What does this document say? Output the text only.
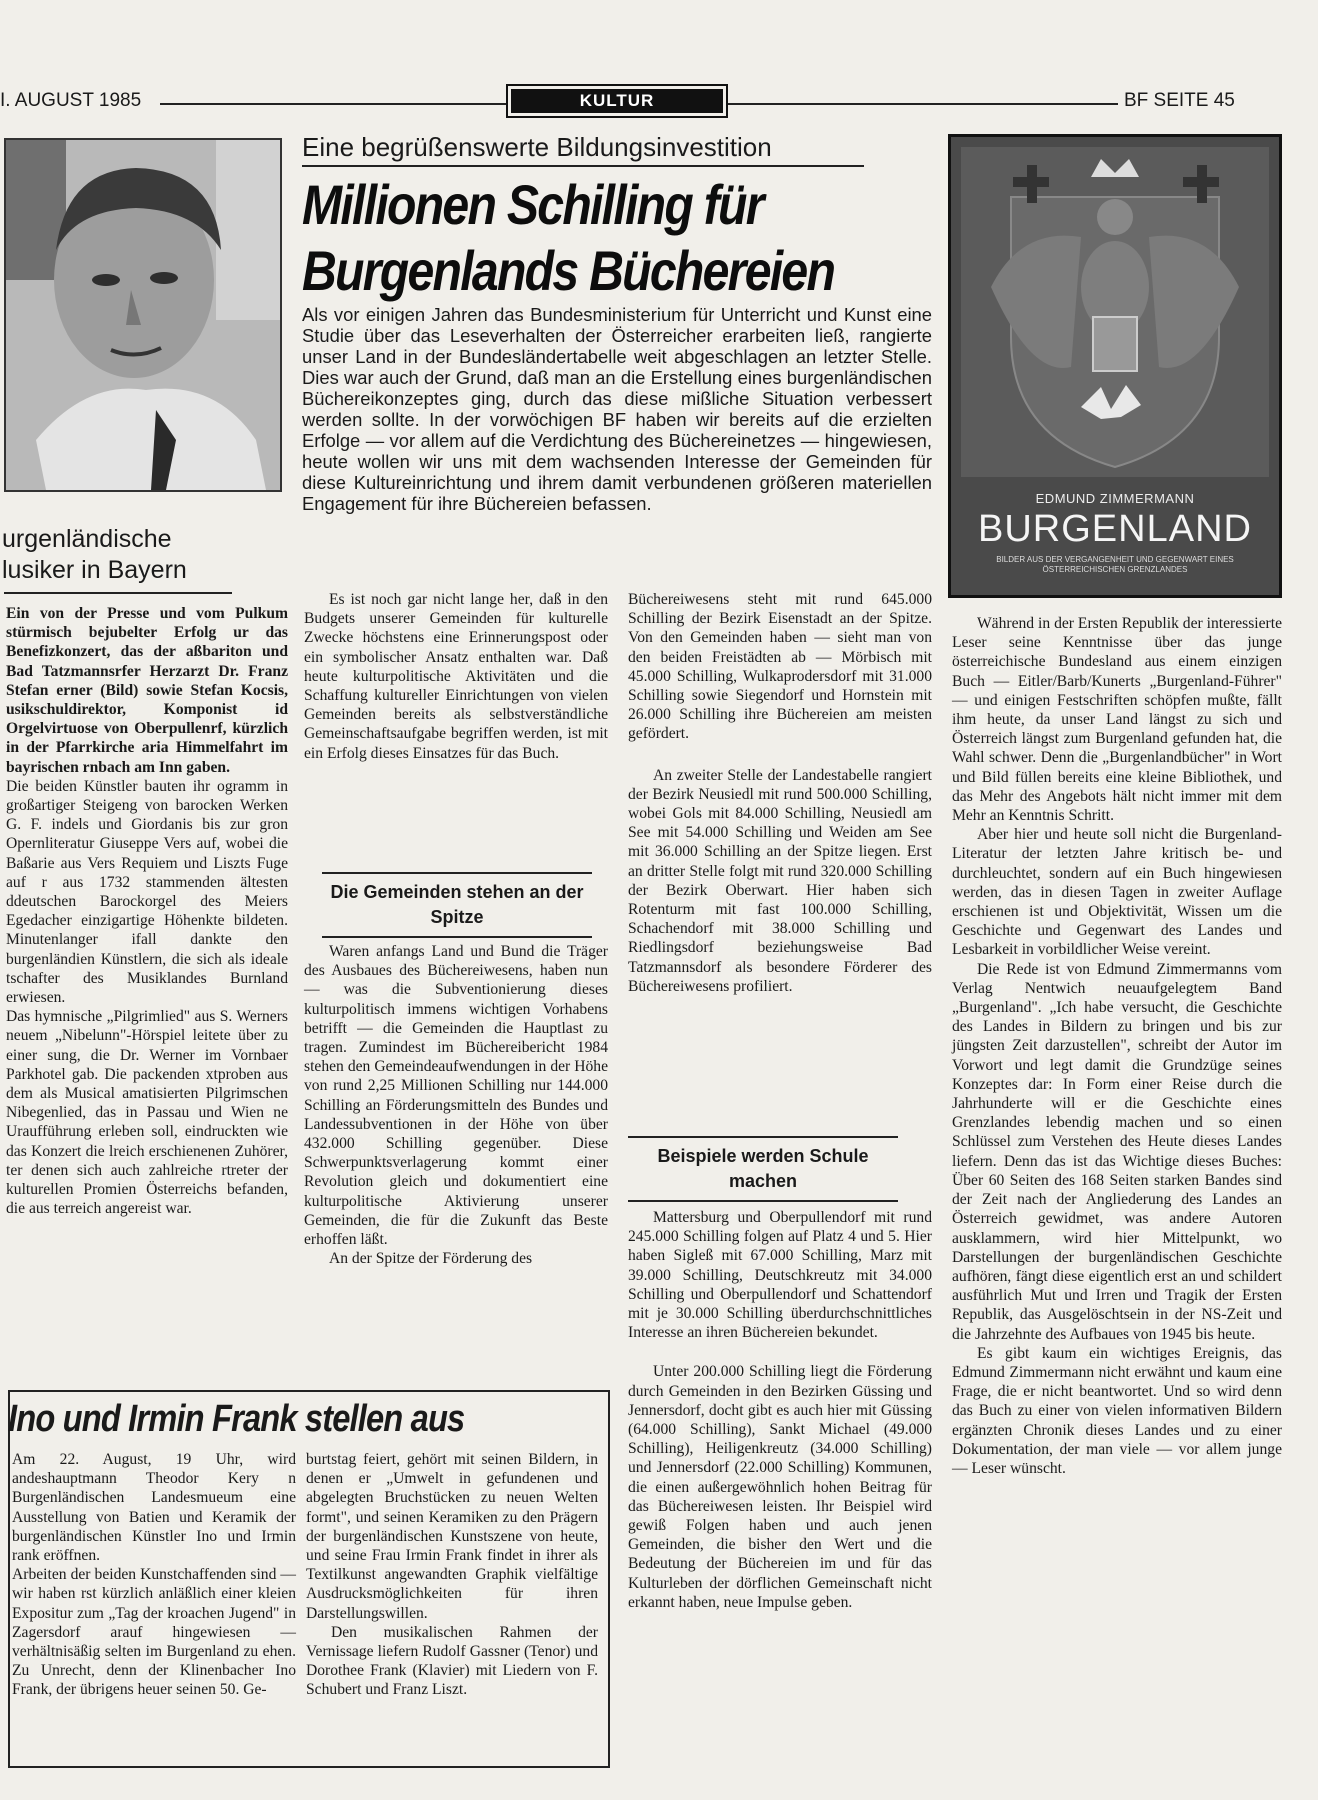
I. AUGUST 1985	KULTUR	BF SEITE 45
Eine begrüßenswerte Bildungsinvestition
Millionen Schilling für
Burgenlands Büchereien
Als vor einigen Jahren das Bundesministerium für Unterricht und Kunst eine Studie über das Leseverhalten der Österreicher erarbeiten ließ, rangierte unser Land in der Bundesländertabelle weit abgeschlagen an letzter Stelle. Dies war auch der Grund, daß man an die Erstellung eines burgenländischen Büchereikonzeptes ging, durch das diese mißliche Situation verbessert werden sollte. In der vorwöchigen BF haben wir bereits auf die erzielten Erfolge — vor allem auf die Verdichtung des Büchereinetzes — hingewiesen, heute wollen wir uns mit dem wachsenden Interesse der Gemeinden für diese Kultureinrichtung und ihrem damit verbundenen größeren materiellen Engagement für ihre Büchereien befassen.
urgenländische
lusiker in Bayern

Ein von der Presse und vom Pulkum stürmisch bejubelter Erfolg ur das Benefizkonzert, das der aßbariton und Bad Tatzmannsrfer Herzarzt Dr. Franz Stefan erner (Bild) sowie Stefan Kocsis, usikschuldirektor, Komponist id Orgelvirtuose von Oberpullenrf, kürzlich in der Pfarrkirche aria Himmelfahrt im bayrischen rnbach am Inn gaben.

Die beiden Künstler bauten ihr ogramm in großartiger Steigeng von barocken Werken G. F. indels und Giordanis bis zur gron Opernliteratur Giuseppe Vers auf, wobei die Baßarie aus Vers Requiem und Liszts Fuge auf r aus 1732 stammenden ältesten ddeutschen Barockorgel des Meiers Egedacher einzigartige Höhenkte bildeten. Minutenlanger ifall dankte den burgenländien Künstlern, die sich als ideale tschafter des Musiklandes Burnland erwiesen.

Das hymnische „Pilgrimlied" aus S. Werners neuem „Nibelunn"-Hörspiel leitete über zu einer sung, die Dr. Werner im Vornbaer Parkhotel gab. Die packenden xtproben aus dem als Musical amatisierten Pilgrimschen Nibegenlied, das in Passau und Wien ne Uraufführung erleben soll, eindruckten wie das Konzert die lreich erschienenen Zuhörer, ter denen sich auch zahlreiche rtreter der kulturellen Promien Österreichs befanden, die aus terreich angereist war.

Es ist noch gar nicht lange her, daß in den Budgets unserer Gemeinden für kulturelle Zwecke höchstens eine Erinnerungspost oder ein symbolischer Ansatz enthalten war. Daß heute kulturpolitische Aktivitäten und die Schaffung kultureller Einrichtungen von vielen Gemeinden bereits als selbstverständliche Gemeinschaftsaufgabe begriffen werden, ist mit ein Erfolg dieses Einsatzes für das Buch.

Die Gemeinden stehen an der Spitze

Waren anfangs Land und Bund die Träger des Ausbaues des Büchereiwesens, haben nun — was die Subventionierung dieses kulturpolitisch immens wichtigen Vorhabens betrifft — die Gemeinden die Hauptlast zu tragen. Zumindest im Büchereibericht 1984 stehen den Gemeindeaufwendungen in der Höhe von rund 2,25 Millionen Schilling nur 144.000 Schilling an Förderungsmitteln des Bundes und Landessubventionen in der Höhe von über 432.000 Schilling gegenüber. Diese Schwerpunktsverlagerung kommt einer Revolution gleich und dokumentiert eine kulturpolitische Aktivierung unserer Gemeinden, die für die Zukunft das Beste erhoffen läßt.

An der Spitze der Förderung des

Büchereiwesens steht mit rund 645.000 Schilling der Bezirk Eisenstadt an der Spitze. Von den Gemeinden haben — sieht man von den beiden Freistädten ab — Mörbisch mit 45.000 Schilling, Wulkaprodersdorf mit 31.000 Schilling sowie Siegendorf und Hornstein mit 26.000 Schilling ihre Büchereien am meisten gefördert.

An zweiter Stelle der Landestabelle rangiert der Bezirk Neusiedl mit rund 500.000 Schilling, wobei Gols mit 84.000 Schilling, Neusiedl am See mit 54.000 Schilling und Weiden am See mit 36.000 Schilling an der Spitze liegen. Erst an dritter Stelle folgt mit rund 320.000 Schilling der Bezirk Oberwart. Hier haben sich Rotenturm mit fast 100.000 Schilling, Schachendorf mit 38.000 Schilling und Riedlingsdorf beziehungsweise Bad Tatzmannsdorf als besondere Förderer des Büchereiwesens profiliert.

Beispiele werden Schule machen

Mattersburg und Oberpullendorf mit rund 245.000 Schilling folgen auf Platz 4 und 5. Hier haben Sigleß mit 67.000 Schilling, Marz mit 39.000 Schilling, Deutschkreutz mit 34.000 Schilling und Oberpullendorf und Schattendorf mit je 30.000 Schilling überdurchschnittliches Interesse an ihren Büchereien bekundet.

Unter 200.000 Schilling liegt die Förderung durch Gemeinden in den Bezirken Güssing und Jennersdorf, docht gibt es auch hier mit Güssing (64.000 Schilling), Sankt Michael (49.000 Schilling), Heiligenkreutz (34.000 Schilling) und Jennersdorf (22.000 Schilling) Kommunen, die einen außergewöhnlich hohen Beitrag für das Büchereiwesen leisten. Ihr Beispiel wird gewiß Folgen haben und auch jenen Gemeinden, die bisher den Wert und die Bedeutung der Büchereien im und für das Kulturleben der dörflichen Gemeinschaft nicht erkannt haben, neue Impulse geben.

EDMUND ZIMMERMANN
BURGENLAND
BILDER AUS DER VERGANGENHEIT UND GEGENWART EINES ÖSTERREICHISCHEN GRENZLANDES

Während in der Ersten Republik der interessierte Leser seine Kenntnisse über das junge österreichische Bundesland aus einem einzigen Buch — Eitler/Barb/Kunerts „Burgenland-Führer" — und einigen Festschriften schöpfen mußte, fällt ihm heute, da unser Land längst zu sich und Österreich längst zum Burgenland gefunden hat, die Wahl schwer. Denn die „Burgenlandbücher" in Wort und Bild füllen bereits eine kleine Bibliothek, und das Mehr des Angebots hält nicht immer mit dem Mehr an Kenntnis Schritt.

Aber hier und heute soll nicht die Burgenland-Literatur der letzten Jahre kritisch be- und durchleuchtet, sondern auf ein Buch hingewiesen werden, das in diesen Tagen in zweiter Auflage erschienen ist und Objektivität, Wissen um die Geschichte und Gegenwart des Landes und Lesbarkeit in vorbildlicher Weise vereint.

Die Rede ist von Edmund Zimmermanns vom Verlag Nentwich neuaufgelegtem Band „Burgenland". „Ich habe versucht, die Geschichte des Landes in Bildern zu bringen und bis zur jüngsten Zeit darzustellen", schreibt der Autor im Vorwort und legt damit die Grundzüge seines Konzeptes dar: In Form einer Reise durch die Jahrhunderte will er die Geschichte eines Grenzlandes lebendig machen und so einen Schlüssel zum Verstehen des Heute dieses Landes liefern. Denn das ist das Wichtige dieses Buches: Über 60 Seiten des 168 Seiten starken Bandes sind der Zeit nach der Angliederung des Landes an Österreich gewidmet, was andere Autoren ausklammern, wird hier Mittelpunkt, wo Darstellungen der burgenländischen Geschichte aufhören, fängt diese eigentlich erst an und schildert ausführlich Mut und Irren und Tragik der Ersten Republik, das Ausgelöschtsein in der NS-Zeit und die Jahrzehnte des Aufbaues von 1945 bis heute.

Es gibt kaum ein wichtiges Ereignis, das Edmund Zimmermann nicht erwähnt und kaum eine Frage, die er nicht beantwortet. Und so wird denn das Buch zu einer von vielen informativen Bildern ergänzten Chronik dieses Landes und zu einer Dokumentation, der man viele — vor allem junge — Leser wünscht.

Ino und Irmin Frank stellen aus

Am 22. August, 19 Uhr, wird andeshauptmann Theodor Kery n Burgenländischen Landesmueum eine Ausstellung von Batien und Keramik der burgenländischen Künstler Ino und Irmin rank eröffnen.

Arbeiten der beiden Kunstchaffenden sind — wir haben rst kürzlich anläßlich einer kleien Expositur zum „Tag der kroachen Jugend" in Zagersdorf arauf hingewiesen — verhältnisäßig selten im Burgenland zu ehen. Zu Unrecht, denn der Klinenbacher Ino Frank, der übrigens heuer seinen 50. Ge-

burtstag feiert, gehört mit seinen Bildern, in denen er „Umwelt in gefundenen und abgelegten Bruchstücken zu neuen Welten formt", und seinen Keramiken zu den Prägern der burgenländischen Kunstszene von heute, und seine Frau Irmin Frank findet in ihrer als Textilkunst angewandten Graphik vielfältige Ausdrucksmöglichkeiten für ihren Darstellungswillen.

Den musikalischen Rahmen der Vernissage liefern Rudolf Gassner (Tenor) und Dorothee Frank (Klavier) mit Liedern von F. Schubert und Franz Liszt.
